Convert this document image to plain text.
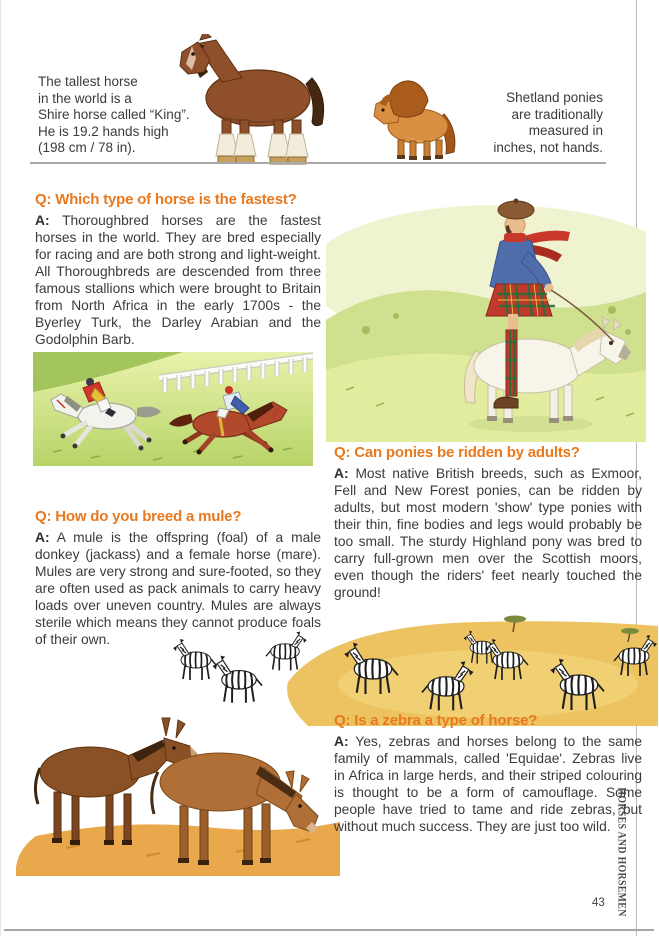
The tallest horse
in the world is a
Shire horse called “King”.
He is 19.2 hands high
(198 cm / 78 in).
Shetland ponies
are traditionally
measured in
inches, not hands.
Q: Which type of horse is the fastest?
A: Thoroughbred horses are the fastest horses in the world. They are bred especially for racing and are both strong and light-weight. All Thoroughbreds are descended from three famous stallions which were brought to Britain from North Africa in the early 1700s - the Byerley Turk, the Darley Arabian and the Godolphin Barb.
Q: How do you breed a mule?
A: A mule is the offspring (foal) of a male donkey (jackass) and a female horse (mare). Mules are very strong and sure-footed, so they are often used as pack animals to carry heavy loads over uneven country. Mules are always sterile which means they cannot produce foals of their own.
Q: Can ponies be ridden by adults?
A: Most native British breeds, such as Exmoor, Fell and New Forest ponies, can be ridden by adults, but most modern 'show' type ponies with their thin, fine bodies and legs would probably be too small. The sturdy Highland pony was bred to carry full-grown men over the Scottish moors, even though the riders' feet nearly touched the ground!
Q: Is a zebra a type of horse?
A: Yes, zebras and horses belong to the same family of mammals, called 'Equidae'. Zebras live in Africa in large herds, and their striped colouring is thought to be a form of camouflage. Some people have tried to tame and ride zebras, but without much success. They are just too wild. HORSES AND HORSEMEN
43
